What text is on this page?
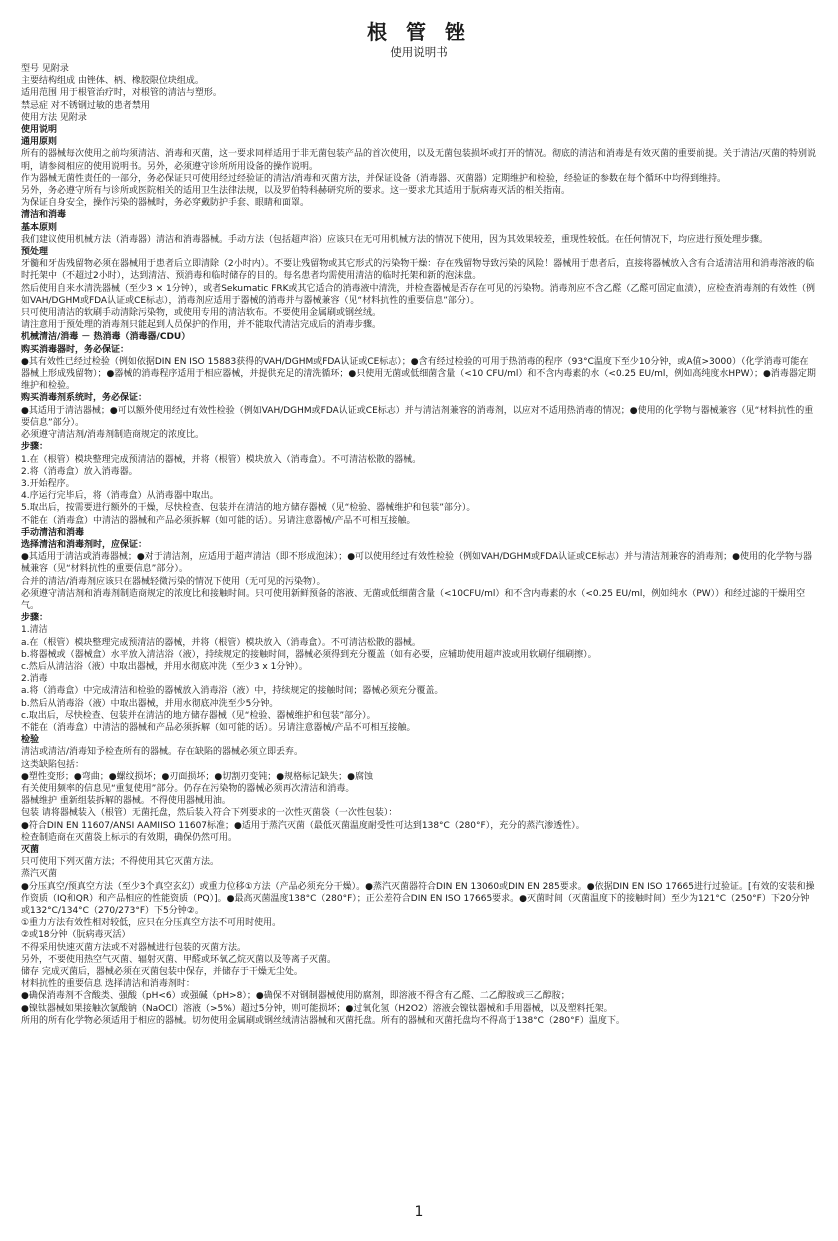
根 管 锉
使用说明书

型号 见附录

主要结构组成 由锉体、柄、橡胶限位块组成。

适用范围 用于根管治疗时，对根管的清洁与塑形。

禁忌症 对不锈钢过敏的患者禁用

使用方法 见附录

使用说明

通用原则

所有的器械每次使用之前均须清洁、消毒和灭菌，这一要求同样适用于非无菌包装产品的首次使用，以及无菌包装损坏或打开的情况。彻底的清洁和消毒是有效灭菌的重要前提。关于清洁/灭菌的特别说明，请参阅相应的使用说明书。另外，必须遵守诊所所用设备的操作说明。

作为器械无菌性责任的一部分，务必保证只可使用经过经验证的清洁/消毒和灭菌方法，并保证设备（消毒器、灭菌器）定期维护和检验，经验证的参数在每个循环中均得到维持。

另外，务必遵守所有与诊所或医院相关的适用卫生法律法规，以及罗伯特科赫研究所的要求。这一要求尤其适用于朊病毒灭活的相关指南。

为保证自身安全，操作污染的器械时，务必穿戴防护手套、眼睛和面罩。

清洁和消毒

基本原则

我们建议使用机械方法（消毒器）清洁和消毒器械。手动方法（包括超声浴）应该只在无可用机械方法的情况下使用，因为其效果较差，重现性较低。在任何情况下，均应进行预处理步骤。

预处理

牙髓和牙齿残留物必须在器械用于患者后立即清除（2小时内）。不要让残留物或其它形式的污染物干燥：存在残留物导致污染的风险！器械用于患者后，直接将器械放入含有合适清洁用和消毒溶液的临时托架中（不超过2小时），达到清洁、预消毒和临时储存的目的。每名患者均需使用清洁的临时托架和新的泡沫盘。

然后使用自来水清洗器械（至少3 × 1分钟），或者Sekumatic FRK或其它适合的消毒液中清洗，并检查器械是否存在可见的污染物。消毒剂应不含乙醛（乙醛可固定血渍），应检查消毒剂的有效性（例如VAH/DGHM或FDA认证或CE标志），消毒剂应适用于器械的消毒并与器械兼容（见“材料抗性的重要信息”部分）。

只可使用清洁的软刷手动清除污染物，或使用专用的清洁软布。不要使用金属刷或钢丝绒。

请注意用于预处理的消毒剂只能起到人员保护的作用，并不能取代清洁完成后的消毒步骤。

机械清洁/消毒 － 热消毒（消毒器/CDU）

购买消毒器时，务必保证：

●其有效性已经过检验（例如依据DIN EN ISO 15883获得的VAH/DGHM或FDA认证或CE标志）；●含有经过检验的可用于热消毒的程序（93°C温度下至少10分钟，或A值>3000）（化学消毒可能在器械上形成残留物）；●器械的消毒程序适用于相应器械，并提供充足的清洗循环；●只使用无菌或低细菌含量（<10 CFU/ml）和不含内毒素的水（<0.25 EU/ml，例如高纯度水HPW）；●消毒器定期维护和检验。

购买消毒剂系统时，务必保证：

●其适用于清洁器械；●可以额外使用经过有效性检验（例如VAH/DGHM或FDA认证或CE标志）并与清洁剂兼容的消毒剂，以应对不适用热消毒的情况；●使用的化学物与器械兼容（见“材料抗性的重要信息”部分）。

必须遵守清洁剂/消毒剂制造商规定的浓度比。

步骤：

1.在（根管）模块整理完成预清洁的器械，并将（根管）模块放入（消毒盒）。不可清洁松散的器械。

2.将（消毒盒）放入消毒器。

3.开始程序。

4.序运行完毕后，将（消毒盒）从消毒器中取出。

5.取出后，按需要进行额外的干燥，尽快检查、包装并在清洁的地方储存器械（见“检验、器械维护和包装”部分）。

不能在（消毒盒）中清洁的器械和产品必须拆解（如可能的话）。另请注意器械/产品不可相互接触。

手动清洁和消毒

选择清洁和消毒剂时，应保证：

●其适用于清洁或消毒器械；●对于清洁剂，应适用于超声清洁（即不形成泡沫）；●可以使用经过有效性检验（例如VAH/DGHM或FDA认证或CE标志）并与清洁剂兼容的消毒剂；●使用的化学物与器械兼容（见“材料抗性的重要信息”部分）。

合并的清洁/消毒剂应该只在器械轻微污染的情况下使用（无可见的污染物）。

必须遵守清洁剂和消毒剂制造商规定的浓度比和接触时间。只可使用新鲜预备的溶液、无菌或低细菌含量（<10CFU/ml）和不含内毒素的水（<0.25 EU/ml，例如纯水（PW））和经过滤的干燥用空气。

步骤：

1.清洁

a.在（根管）模块整理完成预清洁的器械，并将（根管）模块放入（消毒盒）。不可清洁松散的器械。

b.将器械或（器械盒）水平放入清洁浴（液），持续规定的接触时间，器械必须得到充分覆盖（如有必要，应辅助使用超声波或用软刷仔细刷擦）。

c.然后从清洁浴（液）中取出器械，并用水彻底冲洗（至少3 x 1分钟）。

2.消毒

a.将（消毒盒）中完成清洁和检验的器械放入消毒浴（液）中，持续规定的接触时间；器械必须充分覆盖。

b.然后从消毒浴（液）中取出器械，并用水彻底冲洗至少5分钟。

c.取出后，尽快检查、包装并在清洁的地方储存器械（见“检验、器械维护和包装”部分）。

不能在（消毒盒）中清洁的器械和产品必须拆解（如可能的话）。另请注意器械/产品不可相互接触。

检验

清洁或清洁/消毒知予检查所有的器械。存在缺陷的器械必须立即丢弃。

这类缺陷包括：

●塑性变形；●弯曲；●螺纹损坏；●刃面损坏；●切割刃变钝；●规格标记缺失；●腐蚀

有关使用频率的信息见“重复使用”部分。仍存在污染物的器械必须再次清洁和消毒。

器械维护 重新组装拆解的器械。不得使用器械用油。

包装 请将器械装入（根管）无菌托盘，然后装入符合下列要求的一次性灭菌袋（一次性包装）：

●符合DIN EN 11607/ANSI AAMIISO 11607标准；●适用于蒸汽灭菌（最低灭菌温度耐受性可达到138°C（280°F），充分的蒸汽渗透性）。

检查制造商在灭菌袋上标示的有效期，确保仍然可用。

灭菌

只可使用下列灭菌方法；不得使用其它灭菌方法。

蒸汽灭菌

●分压真空/预真空方法（至少3个真空玄幻）或重力位移①方法（产品必须充分干燥）。●蒸汽灭菌器符合DIN EN 13060或DIN EN 285要求。●依据DIN EN ISO 17665进行过验证。[有效的安装和操作资质（IQ和QR）和产品相应的性能资质（PQ）]。●最高灭菌温度138°C（280°F）；正公差符合DIN EN ISO 17665要求。●灭菌时间（灭菌温度下的接触时间）至少为121°C（250°F）下20分钟或132°C/134°C（270/273°F）下5分钟②。

①重力方法有效性相对较低，应只在分压真空方法不可用时使用。

②或18分钟（朊病毒灭活）

不得采用快速灭菌方法或不对器械进行包装的灭菌方法。

另外，不要使用热空气灭菌、辐射灭菌、甲醛或环氧乙烷灭菌以及等离子灭菌。

储存 完成灭菌后，器械必须在灭菌包装中保存，并储存于干燥无尘处。

材料抗性的重要信息 选择清洁和消毒剂时：

●确保消毒剂不含酸类、强酸（pH<6）或强碱（pH>8）；●确保不对钢制器械使用防腐剂，即溶液不得含有乙醛、二乙醇胺或三乙醇胺；

●镍钛器械如果接触次氯酸钠（NaOCl）溶液（>5%）超过5分钟，则可能损坏；●过氧化氢（H2O2）溶液会镍钛器械和手用器械，以及塑料托架。

所用的所有化学物必须适用于相应的器械。切勿使用金属刷或钢丝绒清洁器械和灭菌托盘。所有的器械和灭菌托盘均不得高于138°C（280°F）温度下。

1
